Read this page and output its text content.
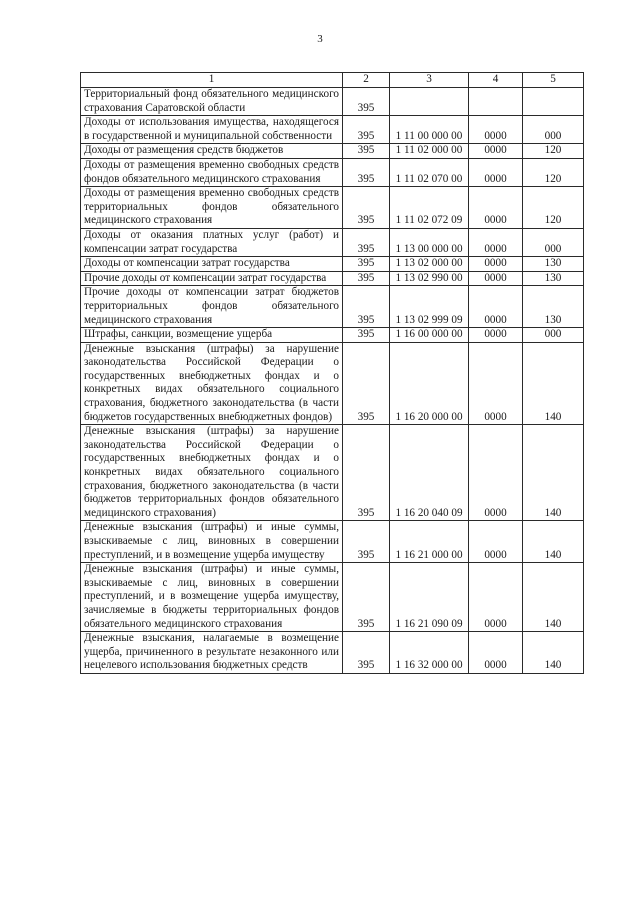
3
1	2	3	4	5
Территориальный фонд обязательного медицинского страхования Саратовской области	395			
Доходы от использования имущества, находящегося в государственной и муниципальной собственности	395	1 11 00 000 00	0000	000
Доходы от размещения средств бюджетов	395	1 11 02 000 00	0000	120
Доходы от размещения временно свободных средств фондов обязательного медицинского страхования	395	1 11 02 070 00	0000	120
Доходы от размещения временно свободных средств территориальных фондов обязательного медицинского страхования	395	1 11 02 072 09	0000	120
Доходы от оказания платных услуг (работ) и компенсации затрат государства	395	1 13 00 000 00	0000	000
Доходы от компенсации затрат государства	395	1 13 02 000 00	0000	130
Прочие доходы от компенсации затрат государства	395	1 13 02 990 00	0000	130
Прочие доходы от компенсации затрат бюджетов территориальных фондов обязательного медицинского страхования	395	1 13 02 999 09	0000	130
Штрафы, санкции, возмещение ущерба	395	1 16 00 000 00	0000	000
Денежные взыскания (штрафы) за нарушение законодательства Российской Федерации о государственных внебюджетных фондах и о конкретных видах обязательного социального страхования, бюджетного законодательства (в части бюджетов государственных внебюджетных фондов)	395	1 16 20 000 00	0000	140
Денежные взыскания (штрафы) за нарушение законодательства Российской Федерации о государственных внебюджетных фондах и о конкретных видах обязательного социального страхования, бюджетного законодательства (в части бюджетов территориальных фондов обязательного медицинского страхования)	395	1 16 20 040 09	0000	140
Денежные взыскания (штрафы) и иные суммы, взыскиваемые с лиц, виновных в совершении преступлений, и в возмещение ущерба имуществу	395	1 16 21 000 00	0000	140
Денежные взыскания (штрафы) и иные суммы, взыскиваемые с лиц, виновных в совершении преступлений, и в возмещение ущерба имуществу, зачисляемые в бюджеты территориальных фондов обязательного медицинского страхования	395	1 16 21 090 09	0000	140
Денежные взыскания, налагаемые в возмещение ущерба, причиненного в результате незаконного или нецелевого использования бюджетных средств	395	1 16 32 000 00	0000	140
